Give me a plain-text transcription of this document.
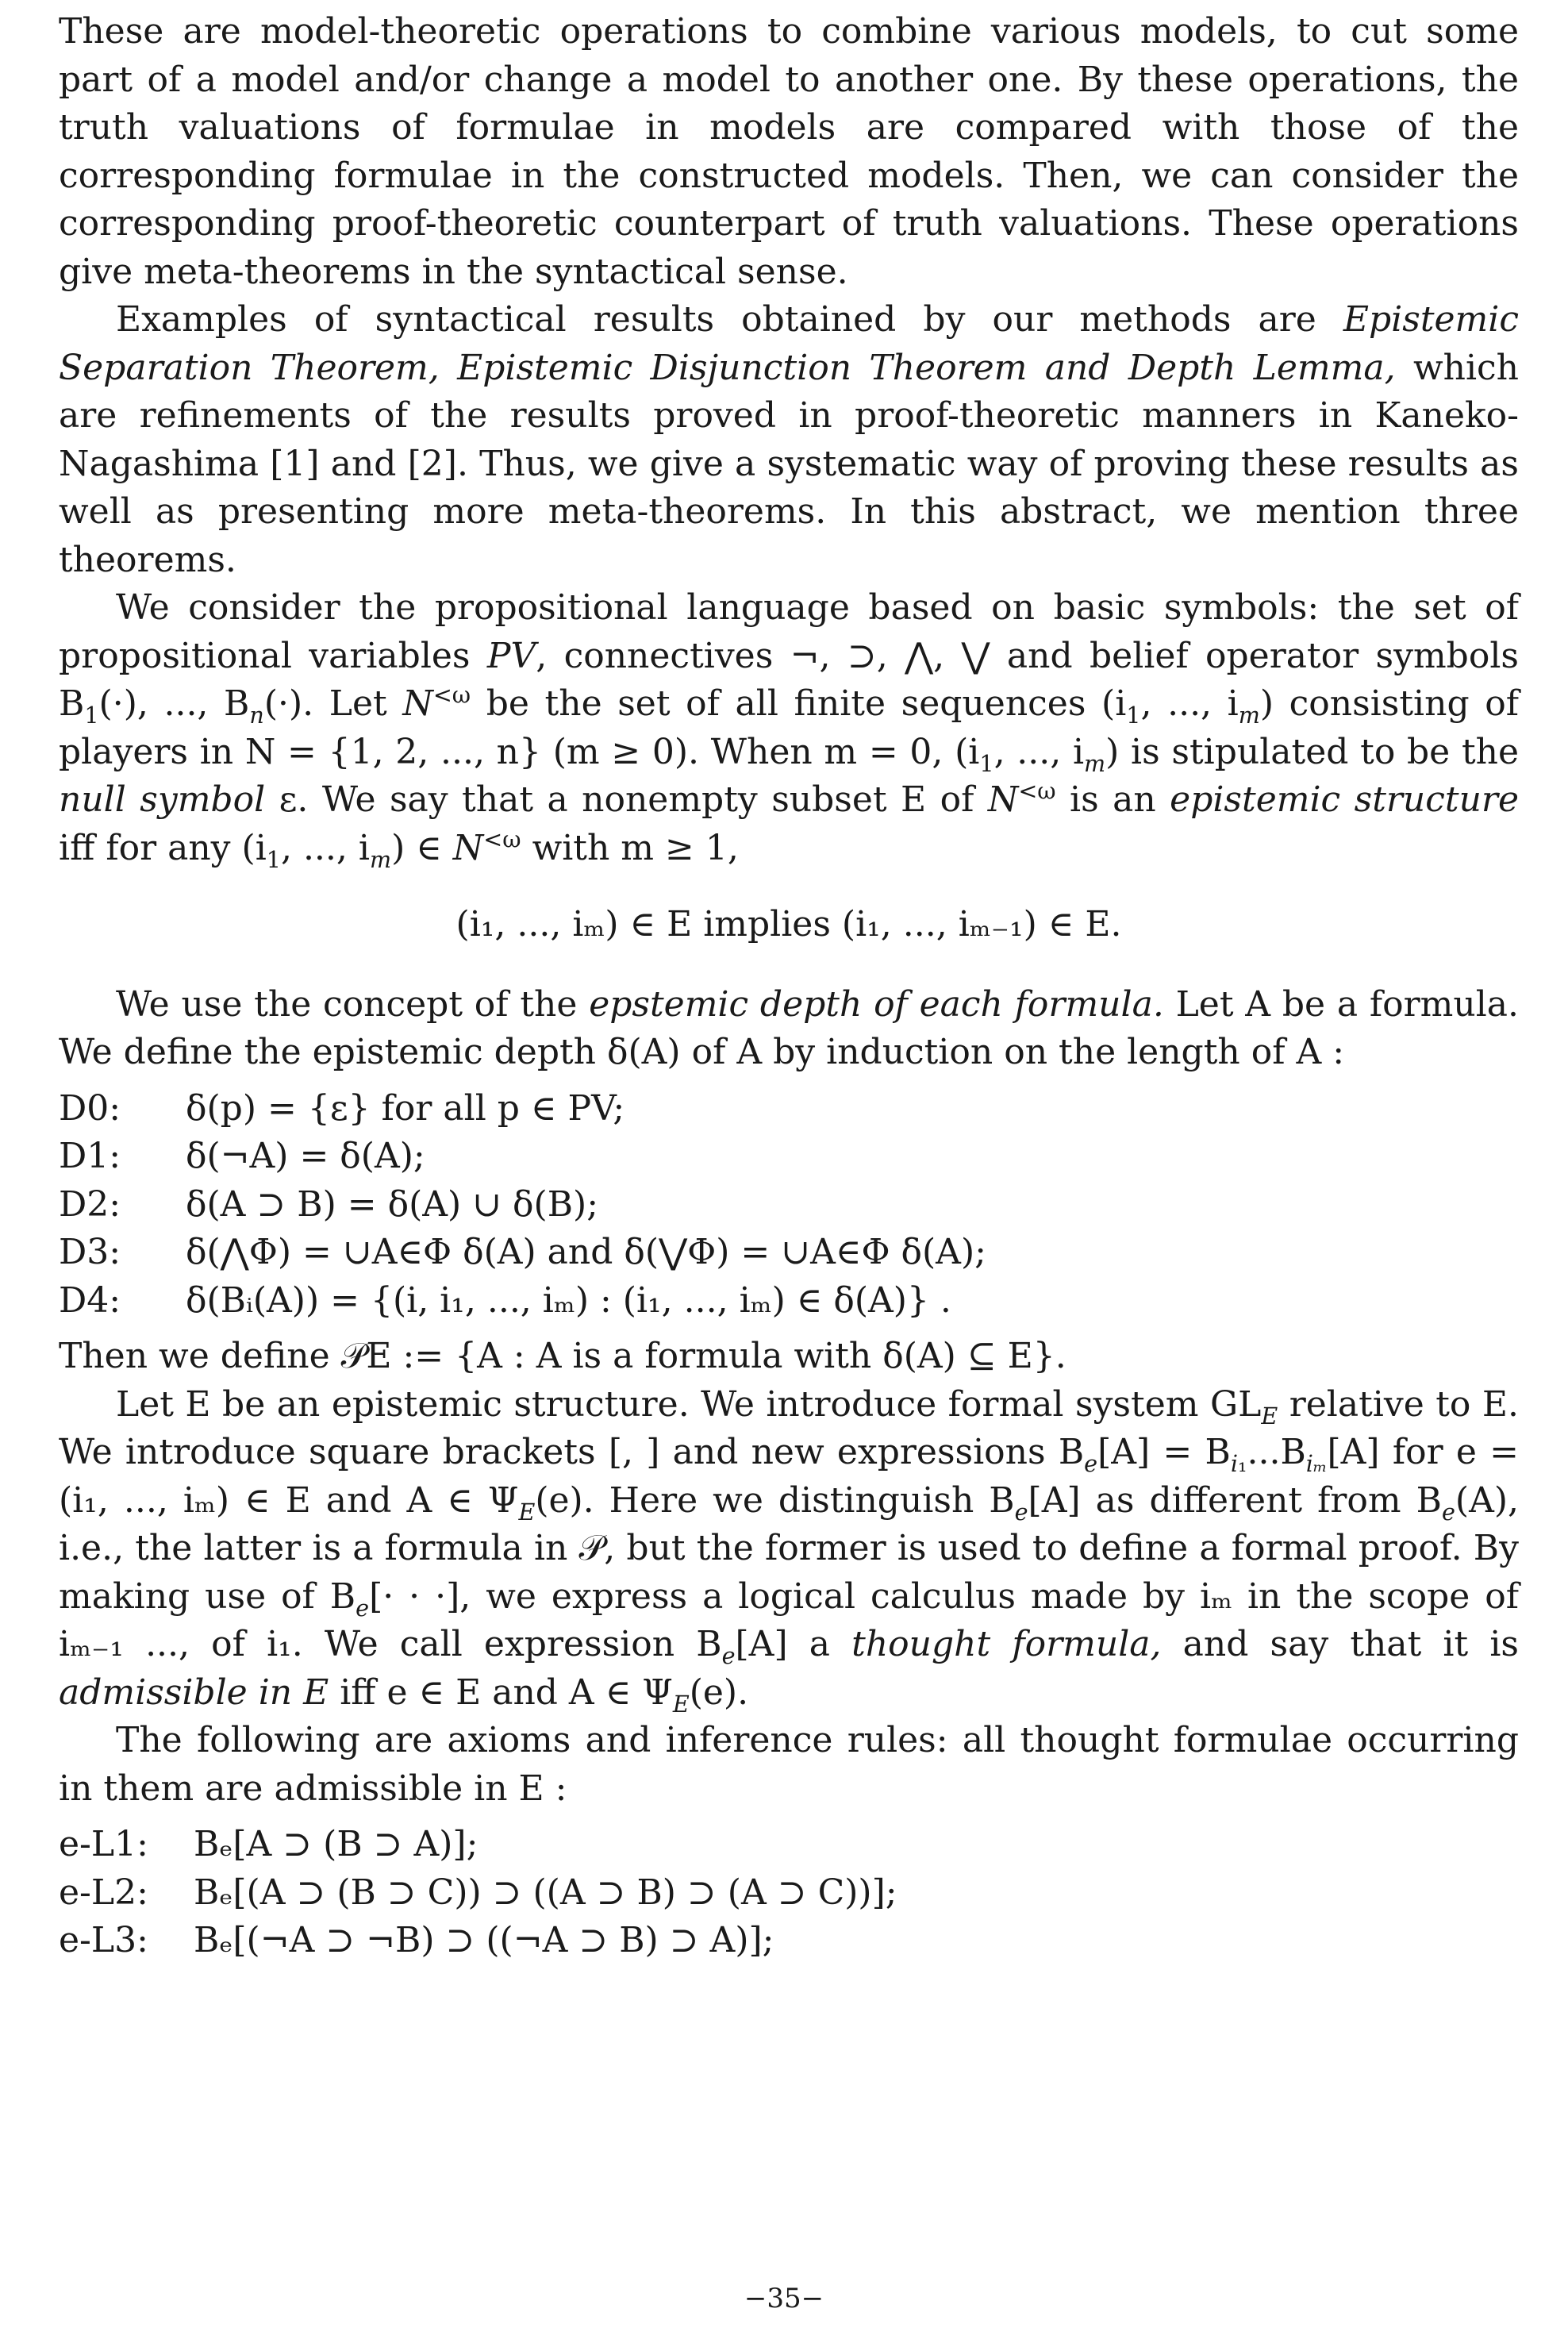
These are model-theoretic operations to combine various models, to cut some part of a model and/or change a model to another one. By these operations, the truth valuations of formulae in models are compared with those of the corresponding formulae in the constructed models. Then, we can consider the corresponding proof-theoretic counterpart of truth valuations. These operations give meta-theorems in the syntactical sense.

Examples of syntactical results obtained by our methods are Epistemic Separation Theorem, Epistemic Disjunction Theorem and Depth Lemma, which are refinements of the results proved in proof-theoretic manners in Kaneko-Nagashima [1] and [2]. Thus, we give a systematic way of proving these results as well as presenting more meta-theorems. In this abstract, we mention three theorems.

We consider the propositional language based on basic symbols: the set of propositional variables PV, connectives ¬, ⊃, ⋀, ⋁ and belief operator symbols $B_1(\cdot)$, ..., $B_n(\cdot)$. Let $N^{<\omega}$ be the set of all finite sequences ($i_1$, ..., $i_m$) consisting of players in N = {1, 2, ..., n} (m ≥ 0). When m = 0, ($i_1$, ..., $i_m$) is stipulated to be the null symbol ε. We say that a nonempty subset E of $N^{<\omega}$ is an epistemic structure iff for any ($i_1$, ..., $i_m$) ∈ $N^{<\omega}$ with m ≥ 1,

(i₁, ..., iₘ) ∈ E implies (i₁, ..., iₘ₋₁) ∈ E.

We use the concept of the epstemic depth of each formula. Let A be a formula. We define the epistemic depth δ(A) of A by induction on the length of A :

D0:	δ(p) = {ε} for all p ∈ PV;
D1:	δ(¬A) = δ(A);
D2:	δ(A ⊃ B) = δ(A) ∪ δ(B);
D3:	δ(⋀Φ) = ∪A∈Φ δ(A) and δ(⋁Φ) = ∪A∈Φ δ(A);
D4:	δ(Bᵢ(A)) = {(i, i₁, ..., iₘ) : (i₁, ..., iₘ) ∈ δ(A)} .

Then we define 𝒫E := {A : A is a formula with δ(A) ⊆ E}.

Let E be an epistemic structure. We introduce formal system $GL_E$ relative to E. We introduce square brackets [, ] and new expressions $B_e[A] = B_{i_1}...B_{i_m}[A]$ for e = (i₁, ..., iₘ) ∈ E and A ∈ $\Psi_E(e)$. Here we distinguish $B_e[A]$ as different from $B_e(A)$, i.e., the latter is a formula in 𝒫, but the former is used to define a formal proof. By making use of $B_e[\cdot$ · ·], we express a logical calculus made by iₘ in the scope of iₘ₋₁ ..., of i₁. We call expression $B_e[A]$ a thought formula, and say that it is admissible in E iff e ∈ E and A ∈ $\Psi_E(e)$.

The following are axioms and inference rules: all thought formulae occurring in them are admissible in E :

e-L1:	Bₑ[A ⊃ (B ⊃ A)];
e-L2:	Bₑ[(A ⊃ (B ⊃ C)) ⊃ ((A ⊃ B) ⊃ (A ⊃ C))];
e-L3:	Bₑ[(¬A ⊃ ¬B) ⊃ ((¬A ⊃ B) ⊃ A)];
−35−
